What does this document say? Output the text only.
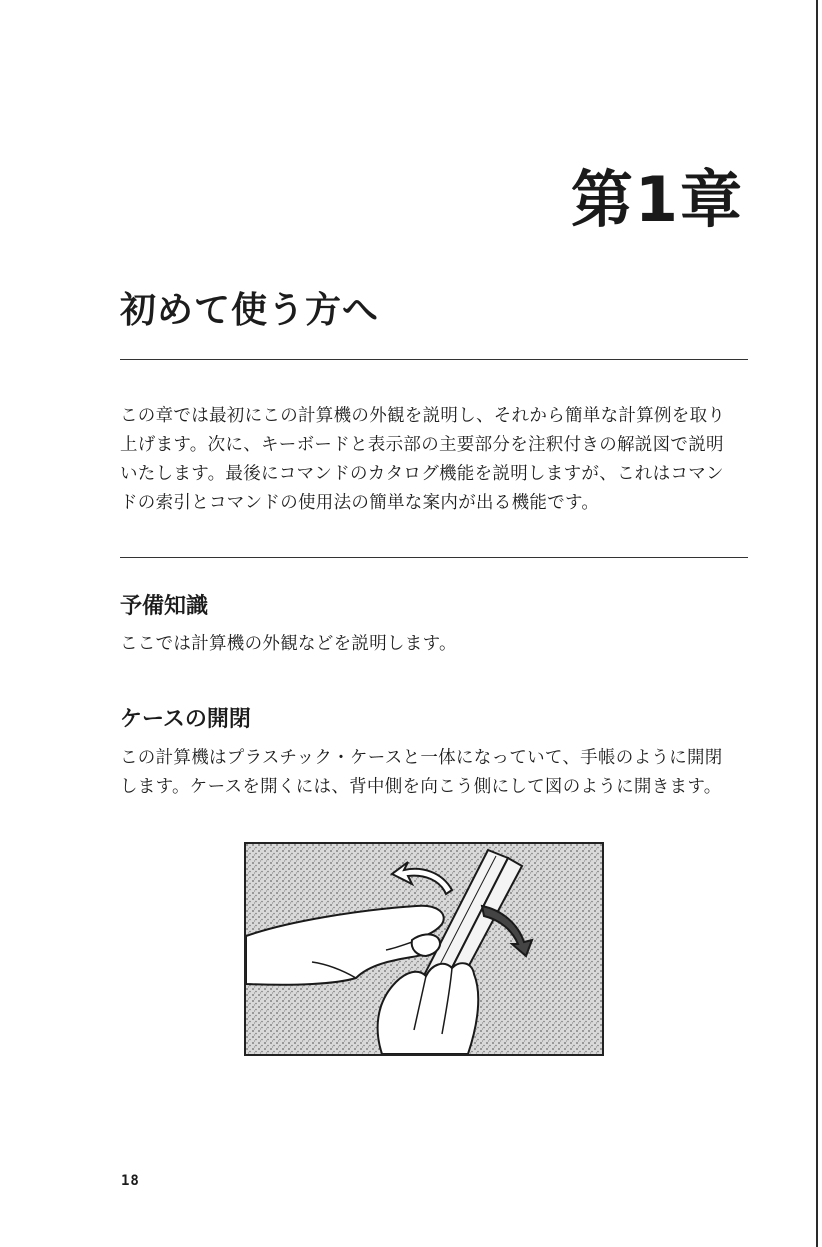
第1章
初めて使う方へ
この章では最初にこの計算機の外観を説明し、それから簡単な計算例を取り
上げます。次に、キーボードと表示部の主要部分を注釈付きの解説図で説明
いたします。最後にコマンドのカタログ機能を説明しますが、これはコマン
ドの索引とコマンドの使用法の簡単な案内が出る機能です。
予備知識
ここでは計算機の外観などを説明します。
ケースの開閉
この計算機はプラスチック・ケースと一体になっていて、手帳のように開閉
します。ケースを開くには、背中側を向こう側にして図のように開きます。
18
